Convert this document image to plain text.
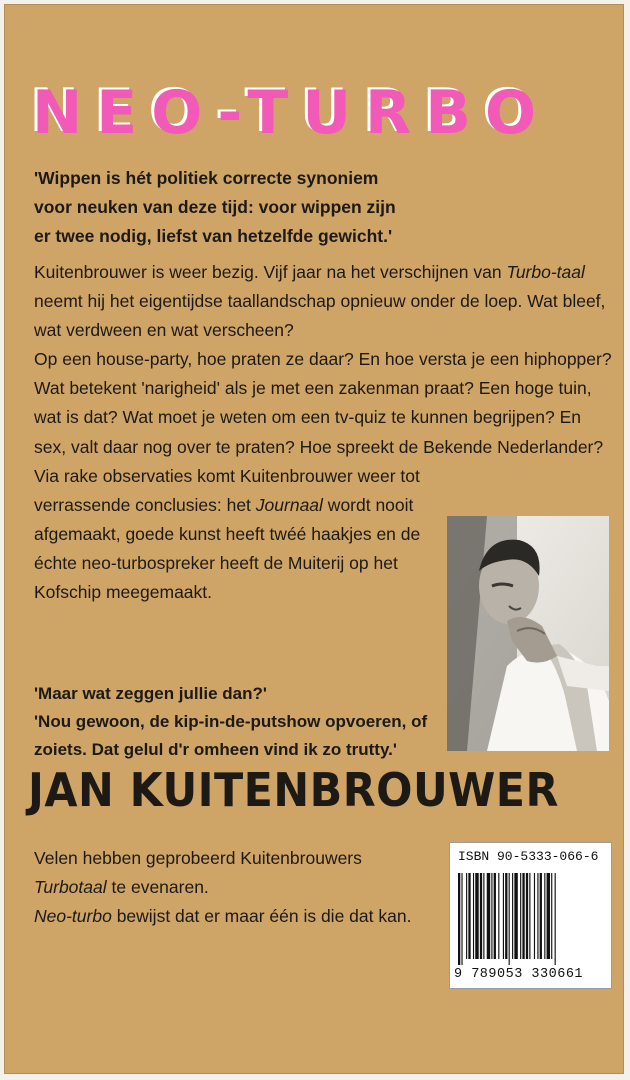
NEO-TURBO

'Wippen is hét politiek correcte synoniem
voor neuken van deze tijd: voor wippen zijn
er twee nodig, liefst van hetzelfde gewicht.'

Kuitenbrouwer is weer bezig. Vijf jaar na het verschijnen van Turbo-taal neemt hij het eigentijdse taallandschap opnieuw onder de loep. Wat bleef, wat verdween en wat verscheen?
Op een house-party, hoe praten ze daar? En hoe versta je een hiphopper? Wat betekent 'narigheid' als je met een zakenman praat? Een hoge tuin, wat is dat? Wat moet je weten om een tv-quiz te kunnen begrijpen? En sex, valt daar nog over te praten? Hoe spreekt de Bekende Nederlander?
Via rake observaties komt Kuitenbrouwer weer tot verrassende conclusies: het Journaal wordt nooit afgemaakt, goede kunst heeft twéé haakjes en de échte neo-turbospreker heeft de Muiterij op het Kofschip meegemaakt.

'Maar wat zeggen jullie dan?'
'Nou gewoon, de kip-in-de-putshow opvoeren, of zoiets. Dat gelul d'r omheen vind ik zo trutty.'

JAN KUITENBROUWER

Velen hebben geprobeerd Kuitenbrouwers Turbotaal te evenaren.
Neo-turbo bewijst dat er maar één is die dat kan.

ISBN 90-5333-066-6
9 789053 330661
